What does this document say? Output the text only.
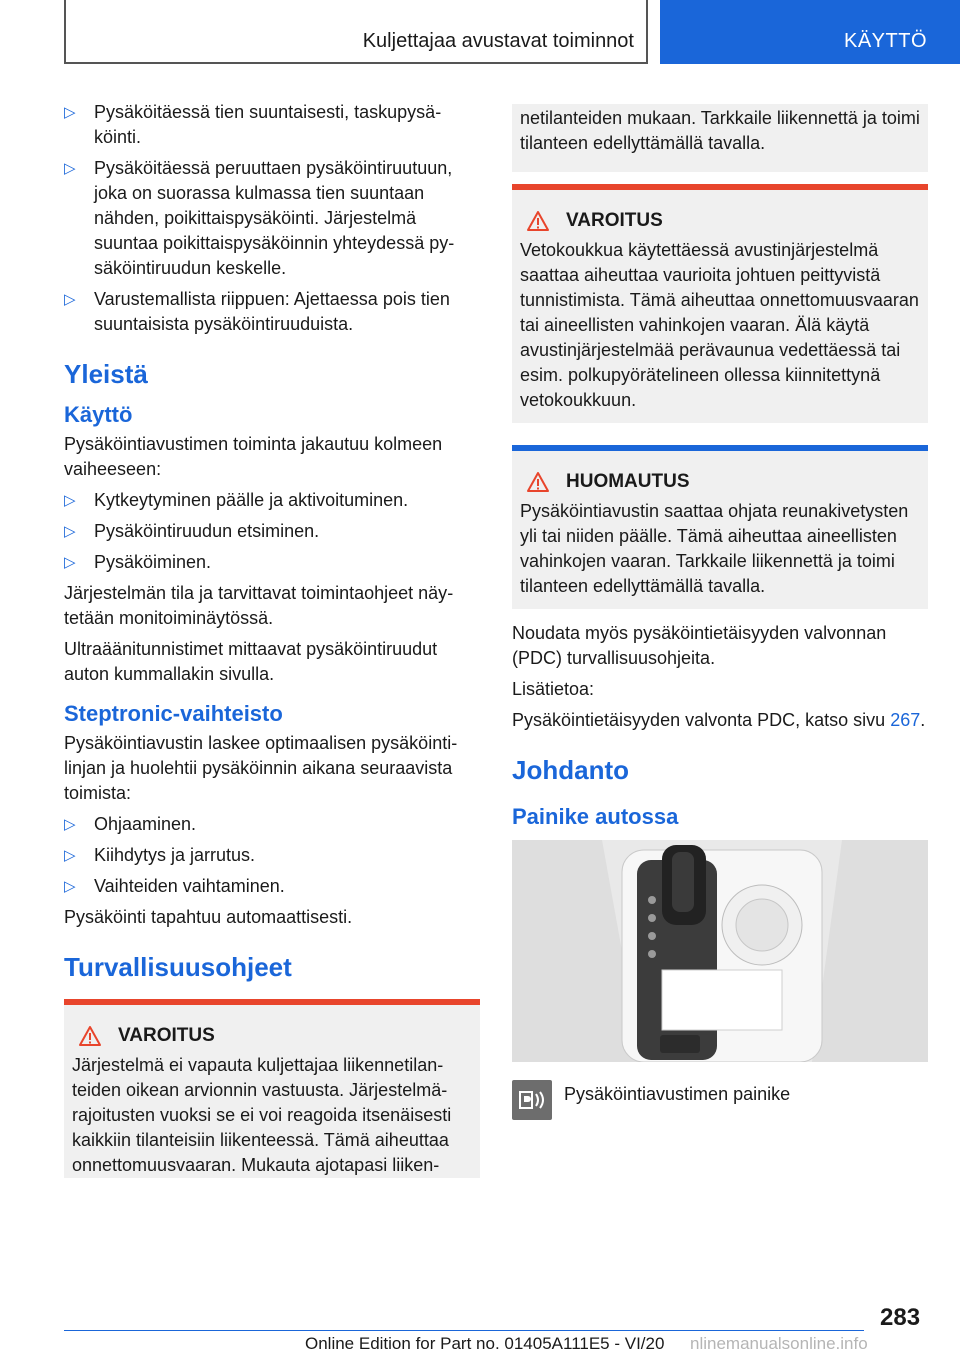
Kuljettajaa avustavat toiminnot	KÄYTTÖ
▷ Pysäköitäessä tien suuntaisesti, taskupysäköinti.
▷ Pysäköitäessä peruuttaen pysäköintiruutuun, joka on suorassa kulmassa tien suuntaan nähden, poikittaispysäköinti. Järjestelmä suuntaa poikittaispysäköinnin yhteydessä pysäköintiruudun keskelle.
▷ Varustemallista riippuen: Ajettaessa pois tien suuntaisista pysäköintiruuduista.
Yleistä
Käyttö
Pysäköintiavustimen toiminta jakautuu kolmeen vaiheeseen:
▷ Kytkeytyminen päälle ja aktivoituminen.
▷ Pysäköintiruudun etsiminen.
▷ Pysäköiminen.
Järjestelmän tila ja tarvittavat toimintaohjeet näytetään monitoiminäytössä.
Ultraäänitunnistimet mittaavat pysäköintiruudut auton kummallakin sivulla.
Steptronic-vaihteisto
Pysäköintiavustin laskee optimaalisen pysäköintilinjan ja huolehtii pysäköinnin aikana seuraavista toimista:
▷ Ohjaaminen.
▷ Kiihdytys ja jarrutus.
▷ Vaihteiden vaihtaminen.
Pysäköinti tapahtuu automaattisesti.
Turvallisuusohjeet
VAROITUS
Järjestelmä ei vapauta kuljettajaa liikennetilanteiden oikean arvionnin vastuusta. Järjestelmärajoitusten vuoksi se ei voi reagoida itsenäisesti kaikkiin tilanteisiin liikenteessä. Tämä aiheuttaa onnettomuusvaaran. Mukauta ajotapasi liiken-
netilanteiden mukaan. Tarkkaile liikennettä ja toimi tilanteen edellyttämällä tavalla.
VAROITUS
Vetokoukkua käytettäessä avustinjärjestelmä saattaa aiheuttaa vaurioita johtuen peittyvistä tunnistimista. Tämä aiheuttaa onnettomuusvaaran tai aineellisten vahinkojen vaaran. Älä käytä avustinjärjestelmää perävaunua vedettäessä tai esim. polkupyörätelineen ollessa kiinnitettynä vetokoukkuun.
HUOMAUTUS
Pysäköintiavustin saattaa ohjata reunakivetysten yli tai niiden päälle. Tämä aiheuttaa aineellisten vahinkojen vaaran. Tarkkaile liikennettä ja toimi tilanteen edellyttämällä tavalla.
Noudata myös pysäköintietäisyyden valvonnan (PDC) turvallisuusohjeita.
Lisätietoa:
Pysäköintietäisyyden valvonta PDC, katso sivu 267.
Johdanto
Painike autossa
Pysäköintiavustimen painike
283
Online Edition for Part no. 01405A111E5 - VI/20 nlinemanualsonline.info
